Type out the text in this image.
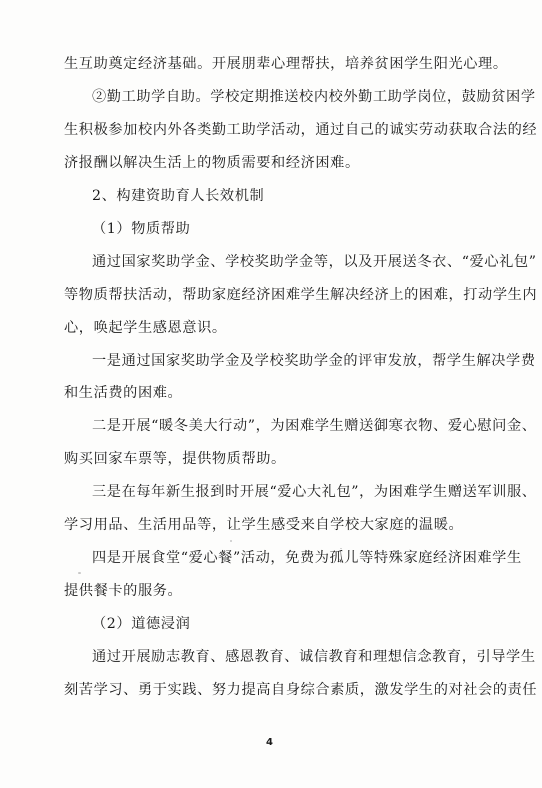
生互助奠定经济基础。开展朋辈心理帮扶，培养贫困学生阳光心理。
②勤工助学自助。学校定期推送校内校外勤工助学岗位，鼓励贫困学
生积极参加校内外各类勤工助学活动，通过自己的诚实劳动获取合法的经
济报酬以解决生活上的物质需要和经济困难。
2、构建资助育人长效机制
（1）物质帮助
通过国家奖助学金、学校奖助学金等，以及开展送冬衣、“爱心礼包”
等物质帮扶活动，帮助家庭经济困难学生解决经济上的困难，打动学生内
心，唤起学生感恩意识。
一是通过国家奖助学金及学校奖助学金的评审发放，帮学生解决学费
和生活费的困难。
二是开展“暖冬美大行动”，为困难学生赠送御寒衣物、爱心慰问金、
购买回家车票等，提供物质帮助。
三是在每年新生报到时开展“爱心大礼包”，为困难学生赠送军训服、
学习用品、生活用品等，让学生感受来自学校大家庭的温暖。
四是开展食堂“爱心餐”活动，免费为孤儿等特殊家庭经济困难学生
提供餐卡的服务。
（2）道德浸润
通过开展励志教育、感恩教育、诚信教育和理想信念教育，引导学生
刻苦学习、勇于实践、努力提高自身综合素质，激发学生的对社会的责任
4
